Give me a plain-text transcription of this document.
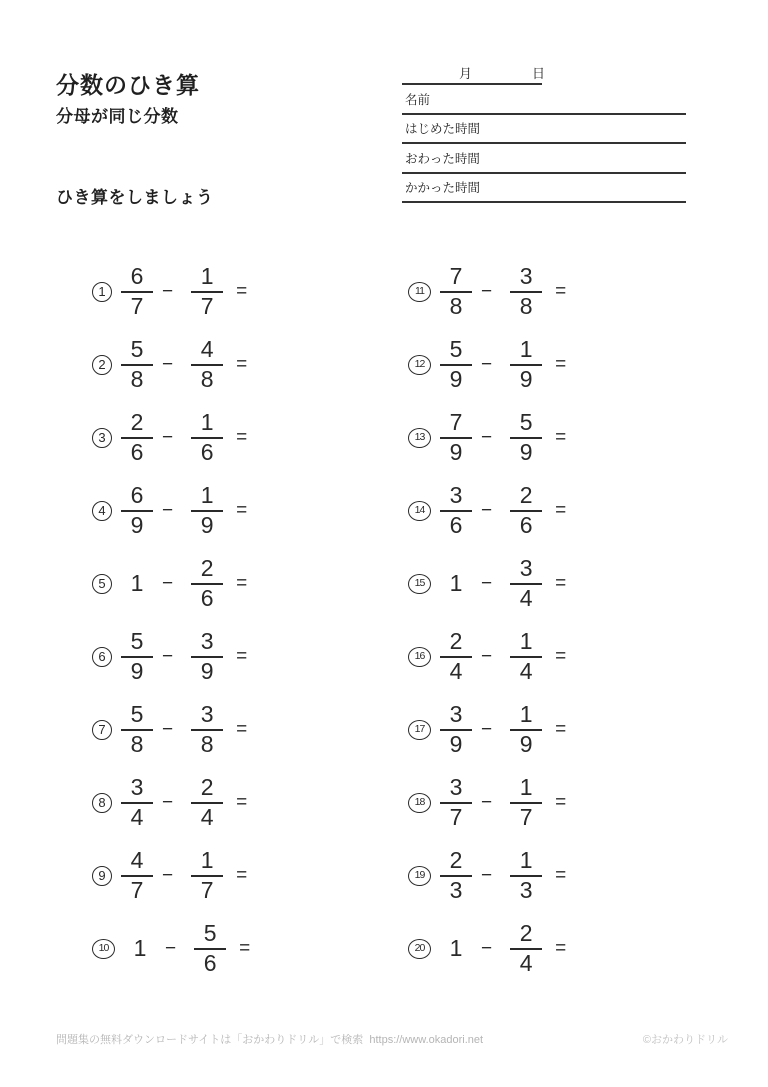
分数のひき算
分母が同じ分数
ひき算をしましょう
月	日
名前
はじめた時間
おわった時間
かかった時間
$1 \frac{6}{7} - \frac{1}{7}$ =
$2 \frac{5}{8} - \frac{4}{8}$ =
$3 \frac{2}{6} - \frac{1}{6}$ =
$4 \frac{6}{9} - \frac{1}{9}$ =
5 $1 - \frac{2}{6}$ =
$6 \frac{5}{9} - \frac{3}{9}$ =
$7 \frac{5}{8} - \frac{3}{8}$ =
$8 \frac{3}{4} - \frac{2}{4}$ =
$9 \frac{4}{7} - \frac{1}{7}$ =
10 $1 - \frac{5}{6}$ =
$11 \frac{7}{8} - \frac{3}{8}$ =
$12 \frac{5}{9} - \frac{1}{9}$ =
$13 \frac{7}{9} - \frac{5}{9}$ =
$14 \frac{3}{6} - \frac{2}{6}$ =
15 $1 - \frac{3}{4}$ =
$16 \frac{2}{4} - \frac{1}{4}$ =
$17 \frac{3}{9} - \frac{1}{9}$ =
$18 \frac{3}{7} - \frac{1}{7}$ =
$19 \frac{2}{3} - \frac{1}{3}$ =
20 $1 - \frac{2}{4}$ =
問題集の無料ダウンロードサイトは「おかわりドリル」で検索  https://www.okadori.net	©おかわりドリル
